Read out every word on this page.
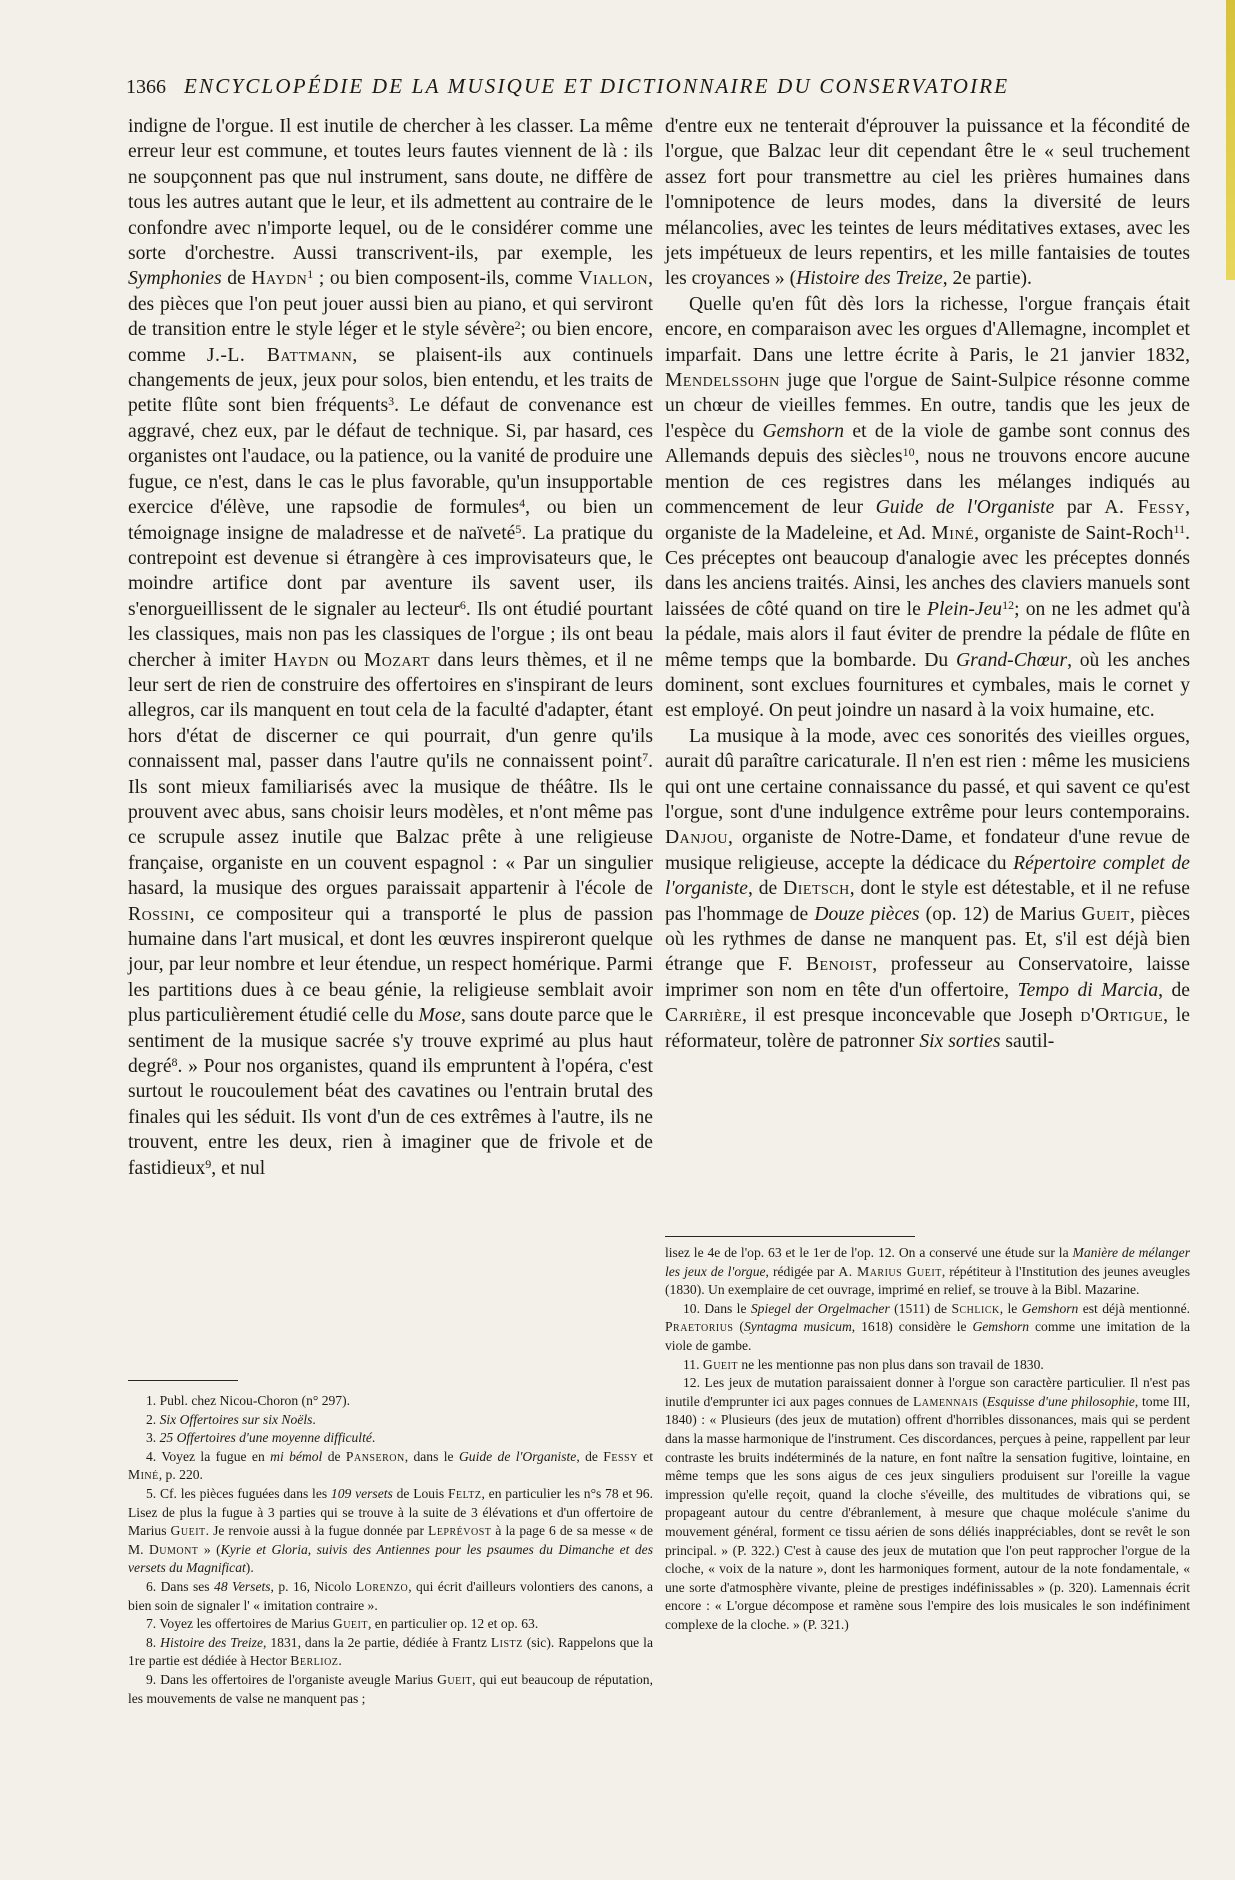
1366 ENCYCLOPÉDIE DE LA MUSIQUE ET DICTIONNAIRE DU CONSERVATOIRE

indigne de l'orgue. Il est inutile de chercher à les classer. La même erreur leur est commune, et toutes leurs fautes viennent de là : ils ne soupçonnent pas que nul instrument, sans doute, ne diffère de tous les autres autant que le leur, et ils admettent au contraire de le confondre avec n'importe lequel, ou de le considérer comme une sorte d'orchestre. Aussi transcrivent-ils, par exemple, les Symphonies de Haydn$^1$ ; ou bien composent-ils, comme Viallon, des pièces que l'on peut jouer aussi bien au piano, et qui serviront de transition entre le style léger et le style sévère$^2$; ou bien encore, comme J.-L. Battmann, se plaisent-ils aux continuels changements de jeux, jeux pour solos, bien entendu, et les traits de petite flûte sont bien fréquents$^3$. Le défaut de convenance est aggravé, chez eux, par le défaut de technique. Si, par hasard, ces organistes ont l'audace, ou la patience, ou la vanité de produire une fugue, ce n'est, dans le cas le plus favorable, qu'un insupportable exercice d'élève, une rapsodie de formules$^4$, ou bien un témoignage insigne de maladresse et de naïveté$^5$. La pratique du contrepoint est devenue si étrangère à ces improvisateurs que, le moindre artifice dont par aventure ils savent user, ils s'enorgueillissent de le signaler au lecteur$^6$. Ils ont étudié pourtant les classiques, mais non pas les classiques de l'orgue ; ils ont beau chercher à imiter Haydn ou Mozart dans leurs thèmes, et il ne leur sert de rien de construire des offertoires en s'inspirant de leurs allegros, car ils manquent en tout cela de la faculté d'adapter, étant hors d'état de discerner ce qui pourrait, d'un genre qu'ils connaissent mal, passer dans l'autre qu'ils ne connaissent point$^7$. Ils sont mieux familiarisés avec la musique de théâtre. Ils le prouvent avec abus, sans choisir leurs modèles, et n'ont même pas ce scrupule assez inutile que Balzac prête à une religieuse française, organiste en un couvent espagnol : « Par un singulier hasard, la musique des orgues paraissait appartenir à l'école de Rossini, ce compositeur qui a transporté le plus de passion humaine dans l'art musical, et dont les œuvres inspireront quelque jour, par leur nombre et leur étendue, un respect homérique. Parmi les partitions dues à ce beau génie, la religieuse semblait avoir plus particulièrement étudié celle du Mose, sans doute parce que le sentiment de la musique sacrée s'y trouve exprimé au plus haut degré$^8$. » Pour nos organistes, quand ils empruntent à l'opéra, c'est surtout le roucoulement béat des cavatines ou l'entrain brutal des finales qui les séduit. Ils vont d'un de ces extrêmes à l'autre, ils ne trouvent, entre les deux, rien à imaginer que de frivole et de fastidieux$^9$, et nul

d'entre eux ne tenterait d'éprouver la puissance et la fécondité de l'orgue, que Balzac leur dit cependant être le « seul truchement assez fort pour transmettre au ciel les prières humaines dans l'omnipotence de leurs modes, dans la diversité de leurs mélancolies, avec les teintes de leurs méditatives extases, avec les jets impétueux de leurs repentirs, et les mille fantaisies de toutes les croyances » (Histoire des Treize, 2e partie).

Quelle qu'en fût dès lors la richesse, l'orgue français était encore, en comparaison avec les orgues d'Allemagne, incomplet et imparfait. Dans une lettre écrite à Paris, le 21 janvier 1832, Mendelssohn juge que l'orgue de Saint-Sulpice résonne comme un chœur de vieilles femmes. En outre, tandis que les jeux de l'espèce du Gemshorn et de la viole de gambe sont connus des Allemands depuis des siècles$^{10}$, nous ne trouvons encore aucune mention de ces registres dans les mélanges indiqués au commencement de leur Guide de l'Organiste par A. Fessy, organiste de la Madeleine, et Ad. Miné, organiste de Saint-Roch$^{11}$. Ces préceptes ont beaucoup d'analogie avec les préceptes donnés dans les anciens traités. Ainsi, les anches des claviers manuels sont laissées de côté quand on tire le Plein-Jeu$^{12}$; on ne les admet qu'à la pédale, mais alors il faut éviter de prendre la pédale de flûte en même temps que la bombarde. Du Grand-Chœur, où les anches dominent, sont exclues fournitures et cymbales, mais le cornet y est employé. On peut joindre un nasard à la voix humaine, etc.

La musique à la mode, avec ces sonorités des vieilles orgues, aurait dû paraître caricaturale. Il n'en est rien : même les musiciens qui ont une certaine connaissance du passé, et qui savent ce qu'est l'orgue, sont d'une indulgence extrême pour leurs contemporains. Danjou, organiste de Notre-Dame, et fondateur d'une revue de musique religieuse, accepte la dédicace du Répertoire complet de l'organiste, de Dietsch, dont le style est détestable, et il ne refuse pas l'hommage de Douze pièces (op. 12) de Marius Gueit, pièces où les rythmes de danse ne manquent pas. Et, s'il est déjà bien étrange que F. Benoist, professeur au Conservatoire, laisse imprimer son nom en tête d'un offertoire, Tempo di Marcia, de Carrière, il est presque inconcevable que Joseph d'Ortigue, le réformateur, tolère de patronner Six sorties sautil-

1. Publ. chez Nicou-Choron (n° 297).

2. Six Offertoires sur six Noëls.

3. 25 Offertoires d'une moyenne difficulté.

4. Voyez la fugue en mi bémol de Panseron, dans le Guide de l'Organiste, de Fessy et Miné, p. 220.

5. Cf. les pièces fuguées dans les 109 versets de Louis Feltz, en particulier les n°s 78 et 96. Lisez de plus la fugue à 3 parties qui se trouve à la suite de 3 élévations et d'un offertoire de Marius Gueit. Je renvoie aussi à la fugue donnée par Leprévost à la page 6 de sa messe « de M. Dumont » (Kyrie et Gloria, suivis des Antiennes pour les psaumes du Dimanche et des versets du Magnificat).

6. Dans ses 48 Versets, p. 16, Nicolo Lorenzo, qui écrit d'ailleurs volontiers des canons, a bien soin de signaler l' « imitation contraire ».

7. Voyez les offertoires de Marius Gueit, en particulier op. 12 et op. 63.

8. Histoire des Treize, 1831, dans la 2e partie, dédiée à Frantz Listz (sic). Rappelons que la 1re partie est dédiée à Hector Berlioz.

9. Dans les offertoires de l'organiste aveugle Marius Gueit, qui eut beaucoup de réputation, les mouvements de valse ne manquent pas ;

lisez le 4e de l'op. 63 et le 1er de l'op. 12. On a conservé une étude sur la Manière de mélanger les jeux de l'orgue, rédigée par A. Marius Gueit, répétiteur à l'Institution des jeunes aveugles (1830). Un exemplaire de cet ouvrage, imprimé en relief, se trouve à la Bibl. Mazarine.

10. Dans le Spiegel der Orgelmacher (1511) de Schlick, le Gemshorn est déjà mentionné. Praetorius (Syntagma musicum, 1618) considère le Gemshorn comme une imitation de la viole de gambe.

11. Gueit ne les mentionne pas non plus dans son travail de 1830.

12. Les jeux de mutation paraissaient donner à l'orgue son caractère particulier. Il n'est pas inutile d'emprunter ici aux pages connues de Lamennais (Esquisse d'une philosophie, tome III, 1840) : « Plusieurs (des jeux de mutation) offrent d'horribles dissonances, mais qui se perdent dans la masse harmonique de l'instrument. Ces discordances, perçues à peine, rappellent par leur contraste les bruits indéterminés de la nature, en font naître la sensation fugitive, lointaine, en même temps que les sons aigus de ces jeux singuliers produisent sur l'oreille la vague impression qu'elle reçoit, quand la cloche s'éveille, des multitudes de vibrations qui, se propageant autour du centre d'ébranlement, à mesure que chaque molécule s'anime du mouvement général, forment ce tissu aérien de sons déliés inappréciables, dont se revêt le son principal. » (P. 322.) C'est à cause des jeux de mutation que l'on peut rapprocher l'orgue de la cloche, « voix de la nature », dont les harmoniques forment, autour de la note fondamentale, « une sorte d'atmosphère vivante, pleine de prestiges indéfinissables » (p. 320). Lamennais écrit encore : « L'orgue décompose et ramène sous l'empire des lois musicales le son indéfiniment complexe de la cloche. » (P. 321.)
